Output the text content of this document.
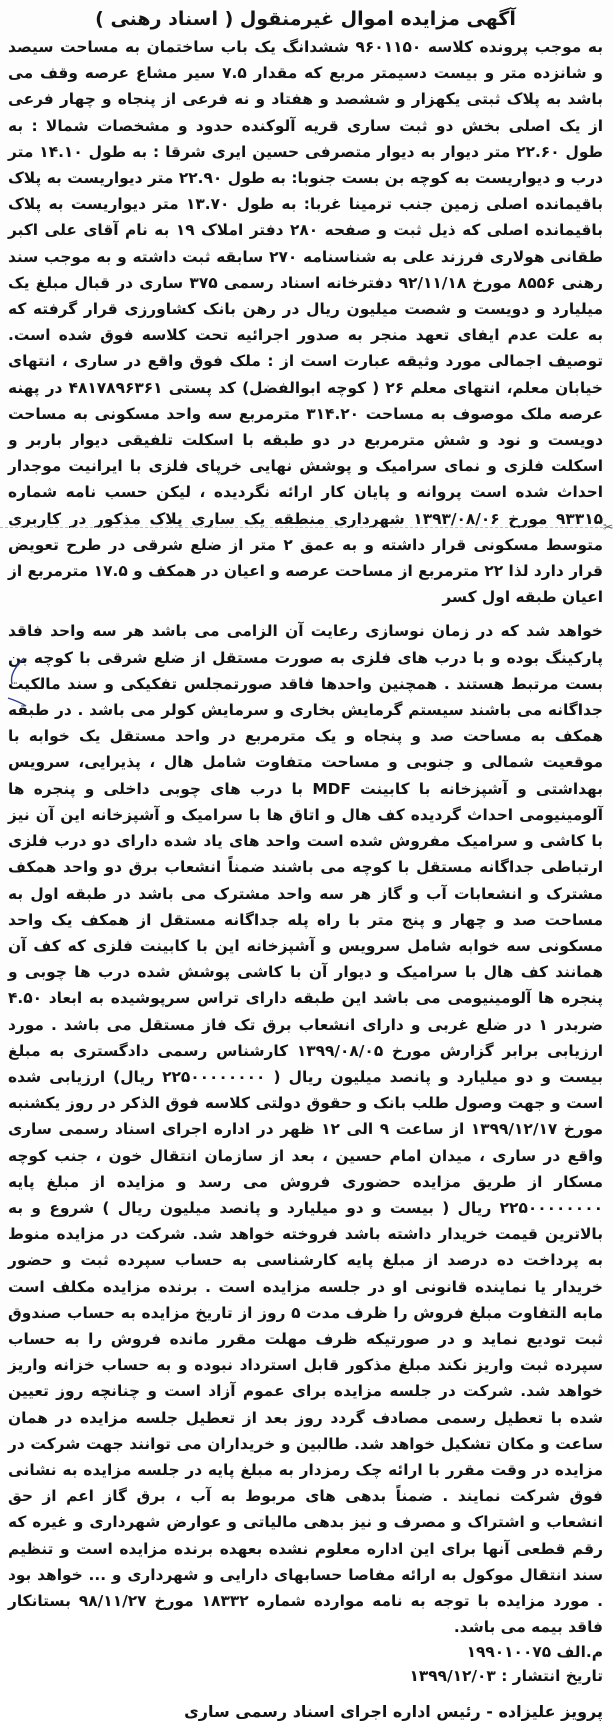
آگهی مزایده اموال غیرمنقول ( اسناد رهنی )

به موجب پرونده کلاسه ۹۶۰۱۱۵۰ ششدانگ یک باب ساختمان به مساحت سیصد و شانزده متر و بیست دسیمتر مربع که مقدار ۷.۵ سیر مشاع عرصه وقف می باشد به پلاک ثبتی یکهزار و ششصد و هفتاد و نه فرعی از پنجاه و چهار فرعی از یک اصلی بخش دو ثبت ساری قریه آلوکنده حدود و مشخصات شمالا : به طول ۲۲.۶۰ متر دیوار به دیوار متصرفی حسین ایری شرقا : به طول ۱۴.۱۰ متر درب و دیواریست به کوچه بن بست جنوبا: به طول ۲۲.۹۰ متر دیواریست به پلاک باقیمانده اصلی زمین جنب ترمینا غربا: به طول ۱۳.۷۰ متر دیواریست به پلاک باقیمانده اصلی که ذیل ثبت و صفحه ۲۸۰ دفتر املاک ۱۹ به نام آقای علی اکبر طقانی هولاری فرزند علی به شناسنامه ۲۷۰ سابقه ثبت داشته و به موجب سند رهنی ۸۵۵۶ مورخ ۹۲/۱۱/۱۸ دفترخانه اسناد رسمی ۳۷۵ ساری در قبال مبلغ یک میلیارد و دویست و شصت میلیون ریال در رهن بانک کشاورزی قرار گرفته که به علت عدم ایفای تعهد منجر به صدور اجرائیه تحت کلاسه فوق شده است. توصیف اجمالی مورد وثیقه عبارت است از : ملک فوق واقع در ساری ، انتهای خیابان معلم، انتهای معلم ۲۶ ( کوچه ابوالفضل) کد پستی ۴۸۱۷۸۹۶۳۶۱ در پهنه عرصه ملک موصوف به مساحت ۳۱۴.۲۰ مترمربع سه واحد مسکونی به مساحت دویست و نود و شش مترمربع در دو طبقه با اسکلت تلفیقی دیوار باربر و اسکلت فلزی و نمای سرامیک و پوشش نهایی خرپای فلزی با ایرانیت موجدار احداث شده است پروانه و پایان کار ارائه نگردیده ، لیکن حسب نامه شماره ۹۳۳۱۵ مورخ ۱۳۹۳/۰۸/۰۶ شهرداری منطقه یک ساری پلاک مذکور در کاربری متوسط مسکونی قرار داشته و به عمق ۲ متر از ضلع شرقی در طرح تعویض قرار دارد لذا ۲۲ مترمربع از مساحت عرصه و اعیان در همکف و ۱۷.۵ مترمربع از اعیان طبقه اول کسر

خواهد شد که در زمان نوسازی رعایت آن الزامی می باشد هر سه واحد فاقد پارکینگ بوده و با درب های فلزی به صورت مستقل از ضلع شرقی با کوچه بن بست مرتبط هستند . همچنین واحدها فاقد صورتمجلس تفکیکی و سند مالکیت جداگانه می باشند سیستم گرمایش بخاری و سرمایش کولر می باشد . در طبقه همکف به مساحت صد و پنجاه و یک مترمربع در واحد مستقل یک خوابه با موقعیت شمالی و جنوبی و مساحت متفاوت شامل هال ، پذیرایی، سرویس بهداشتی و آشپزخانه با کابینت MDF با درب های چوبی داخلی و پنجره ها آلومینیومی احداث گردیده کف هال و اتاق ها با سرامیک و آشپزخانه این آن نیز با کاشی و سرامیک مفروش شده است واحد های یاد شده دارای دو درب فلزی ارتباطی جداگانه مستقل با کوچه می باشند ضمناً انشعاب برق دو واحد همکف مشترک و انشعابات آب و گاز هر سه واحد مشترک می باشد در طبقه اول به مساحت صد و چهار و پنج متر با راه پله جداگانه مستقل از همکف یک واحد مسکونی سه خوابه شامل سرویس و آشپزخانه این با کابینت فلزی که کف آن همانند کف هال با سرامیک و دیوار آن با کاشی پوشش شده درب ها چوبی و پنجره ها آلومینیومی می باشد این طبقه دارای تراس سرپوشیده به ابعاد ۴.۵۰ ضربدر ۱ در ضلع غربی و دارای انشعاب برق تک فاز مستقل می باشد . مورد ارزیابی برابر گزارش مورخ ۱۳۹۹/۰۸/۰۵ کارشناس رسمی دادگستری به مبلغ بیست و دو میلیارد و پانصد میلیون ریال ( ۲۲۵۰۰۰۰۰۰۰۰ ریال) ارزیابی شده است و جهت وصول طلب بانک و حقوق دولتی کلاسه فوق الذکر در روز یکشنبه مورخ ۱۳۹۹/۱۲/۱۷ از ساعت ۹ الی ۱۲ ظهر در اداره اجرای اسناد رسمی ساری واقع در ساری ، میدان امام حسین ، بعد از سازمان انتقال خون ، جنب کوچه مسکار از طریق مزایده حضوری فروش می رسد و مزایده از مبلغ پایه ۲۲۵۰۰۰۰۰۰۰۰ ریال ( بیست و دو میلیارد و پانصد میلیون ریال ) شروع و به بالاترین قیمت خریدار داشته باشد فروخته خواهد شد. شرکت در مزایده منوط به پرداخت ده درصد از مبلغ پایه کارشناسی به حساب سپرده ثبت و حضور خریدار یا نماینده قانونی او در جلسه مزایده است . برنده مزایده مکلف است مابه التفاوت مبلغ فروش را ظرف مدت ۵ روز از تاریخ مزایده به حساب صندوق ثبت تودیع نماید و در صورتیکه ظرف مهلت مقرر مانده فروش را به حساب سپرده ثبت واریز نکند مبلغ مذکور قابل استرداد نبوده و به حساب خزانه واریز خواهد شد. شرکت در جلسه مزایده برای عموم آزاد است و چنانچه روز تعیین شده با تعطیل رسمی مصادف گردد روز بعد از تعطیل جلسه مزایده در همان ساعت و مکان تشکیل خواهد شد. طالبین و خریداران می توانند جهت شرکت در مزایده در وقت مقرر با ارائه چک رمزدار به مبلغ پایه در جلسه مزایده به نشانی فوق شرکت نمایند . ضمناً بدهی های مربوط به آب ، برق گاز اعم از حق انشعاب و اشتراک و مصرف و نیز بدهی مالیاتی و عوارض شهرداری و غیره که رقم قطعی آنها برای این اداره معلوم نشده بعهده برنده مزایده است و تنظیم سند انتقال موکول به ارائه مفاصا حسابهای دارایی و شهرداری و ... خواهد بود . مورد مزایده با توجه به نامه موارده شماره ۱۸۳۳۲ مورخ ۹۸/۱۱/۲۷ بستانکار فاقد بیمه می باشد.

م.الف ۱۹۹۰۱۰۰۷۵

تاریخ انتشار : ۱۳۹۹/۱۲/۰۳

پرویز علیزاده - رئیس اداره اجرای اسناد رسمی ساری
✂
